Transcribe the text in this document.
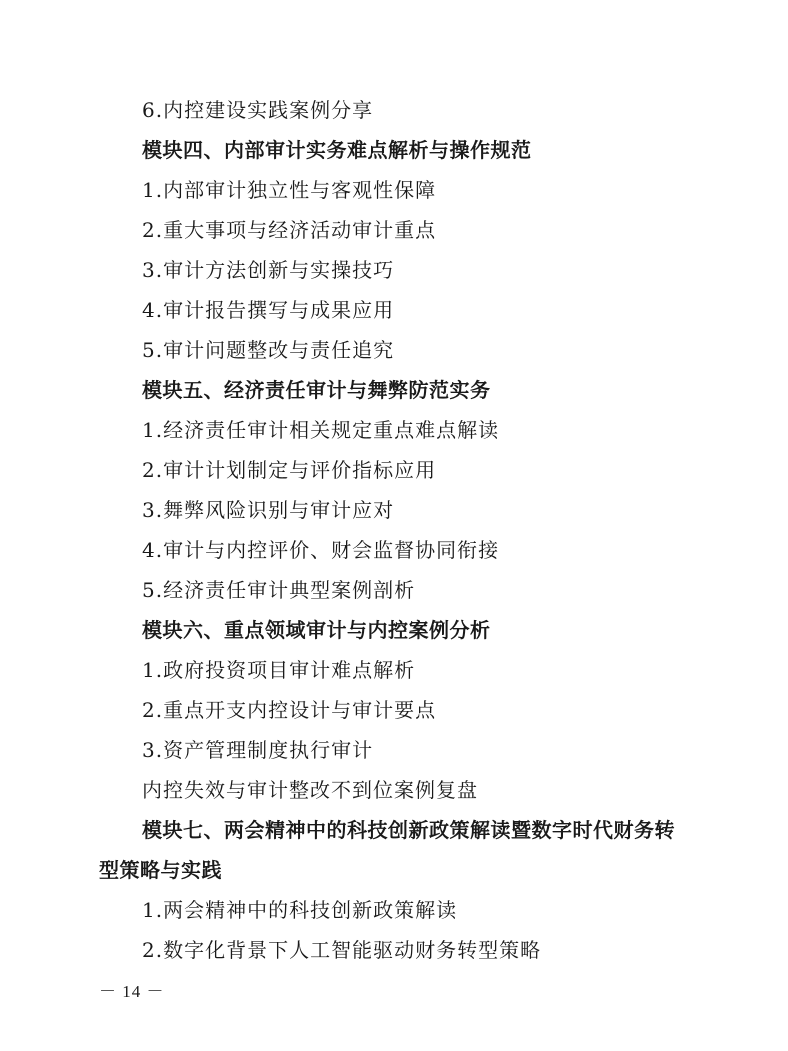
6.内控建设实践案例分享
模块四、内部审计实务难点解析与操作规范
1.内部审计独立性与客观性保障
2.重大事项与经济活动审计重点
3.审计方法创新与实操技巧
4.审计报告撰写与成果应用
5.审计问题整改与责任追究
模块五、经济责任审计与舞弊防范实务
1.经济责任审计相关规定重点难点解读
2.审计计划制定与评价指标应用
3.舞弊风险识别与审计应对
4.审计与内控评价、财会监督协同衔接
5.经济责任审计典型案例剖析
模块六、重点领域审计与内控案例分析
1.政府投资项目审计难点解析
2.重点开支内控设计与审计要点
3.资产管理制度执行审计
内控失效与审计整改不到位案例复盘
模块七、两会精神中的科技创新政策解读暨数字时代财务转
型策略与实践
1.两会精神中的科技创新政策解读
2.数字化背景下人工智能驱动财务转型策略
－ 14 －
